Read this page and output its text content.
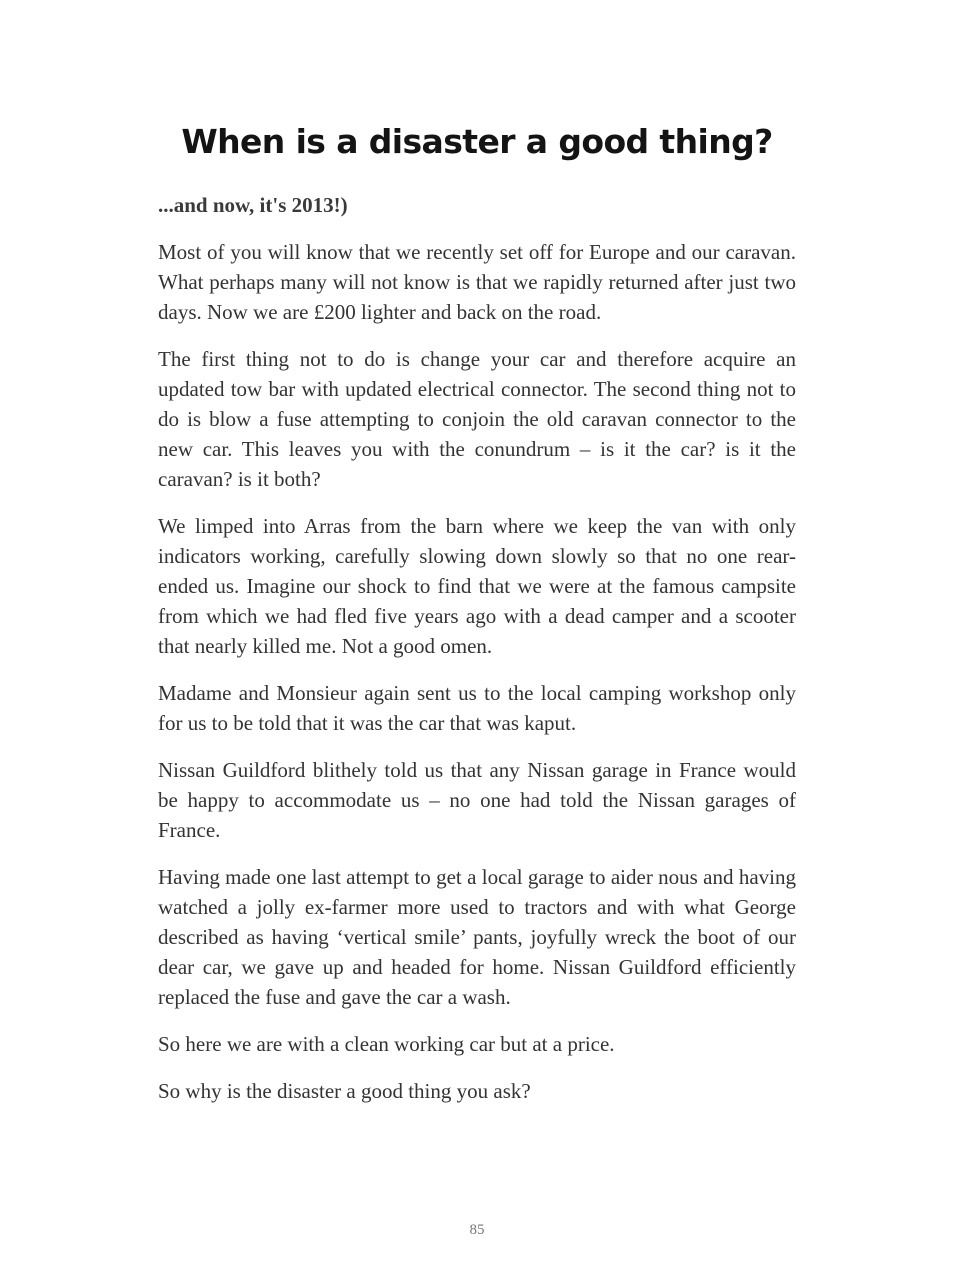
When is a disaster a good thing?

...and now, it's 2013!)

Most of you will know that we recently set off for Europe and our caravan. What perhaps many will not know is that we rapidly returned after just two days. Now we are £200 lighter and back on the road.

The first thing not to do is change your car and therefore acquire an updated tow bar with updated electrical connector. The second thing not to do is blow a fuse attempting to conjoin the old caravan connector to the new car. This leaves you with the conundrum – is it the car? is it the caravan? is it both?

We limped into Arras from the barn where we keep the van with only indicators working, carefully slowing down slowly so that no one rear-ended us. Imagine our shock to find that we were at the famous campsite from which we had fled five years ago with a dead camper and a scooter that nearly killed me. Not a good omen.

Madame and Monsieur again sent us to the local camping workshop only for us to be told that it was the car that was kaput.

Nissan Guildford blithely told us that any Nissan garage in France would be happy to accommodate us – no one had told the Nissan garages of France.

Having made one last attempt to get a local garage to aider nous and having watched a jolly ex-farmer more used to tractors and with what George described as having ‘vertical smile’ pants, joyfully wreck the boot of our dear car, we gave up and headed for home. Nissan Guildford efficiently replaced the fuse and gave the car a wash.

So here we are with a clean working car but at a price.

So why is the disaster a good thing you ask?

85
